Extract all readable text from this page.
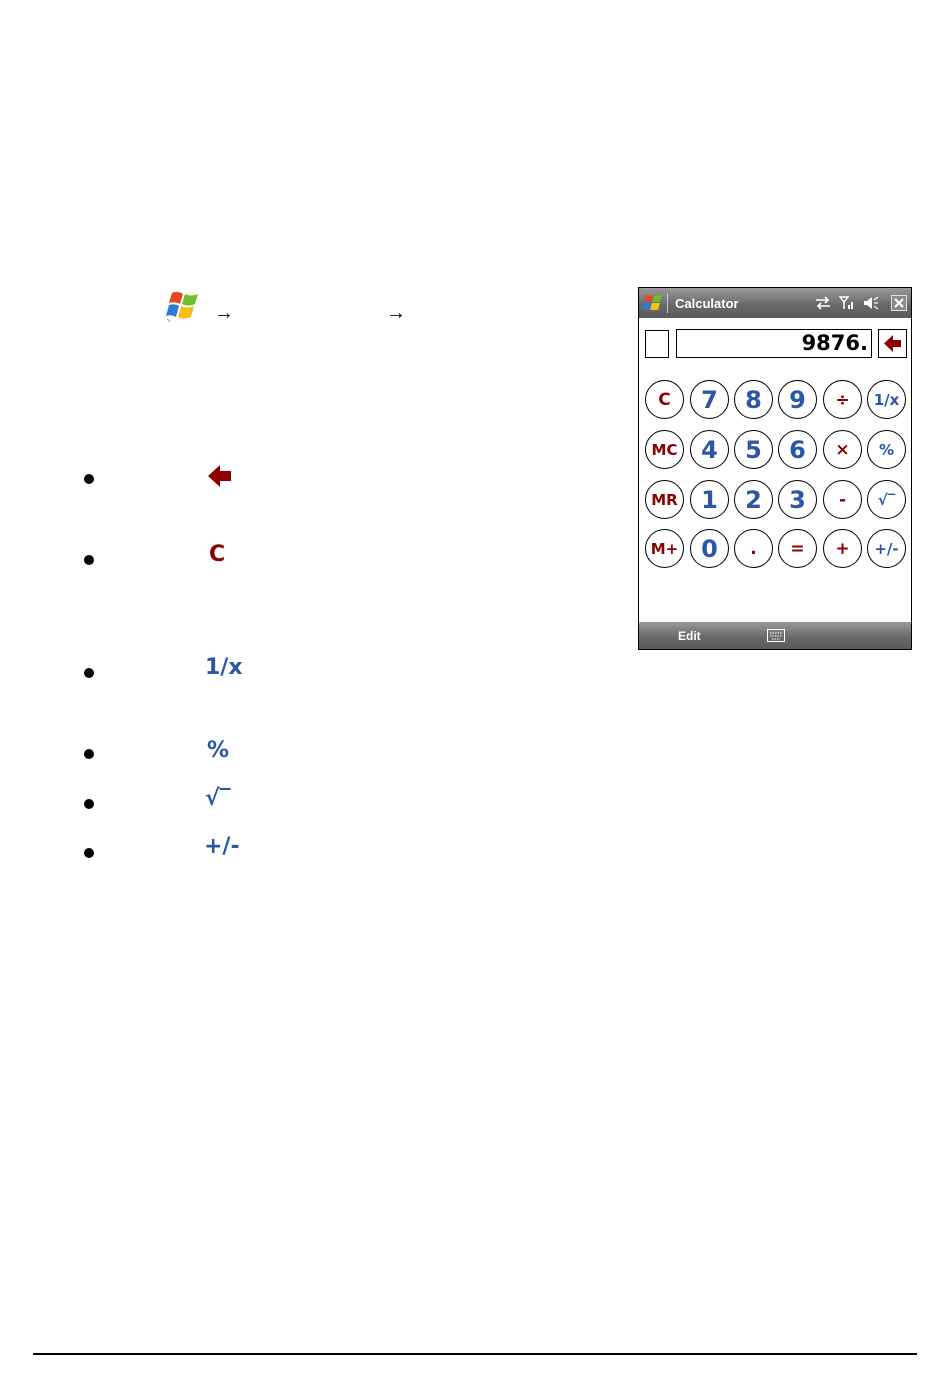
→	→
C
1/x
%
√‾
+/-
Calculator
9876.
C	7	8	9	÷	1/x
MC 4	5	6	×	%
MR 1	2	3	-	√‾
M+ 0	.	=	+	+/-
Edit
